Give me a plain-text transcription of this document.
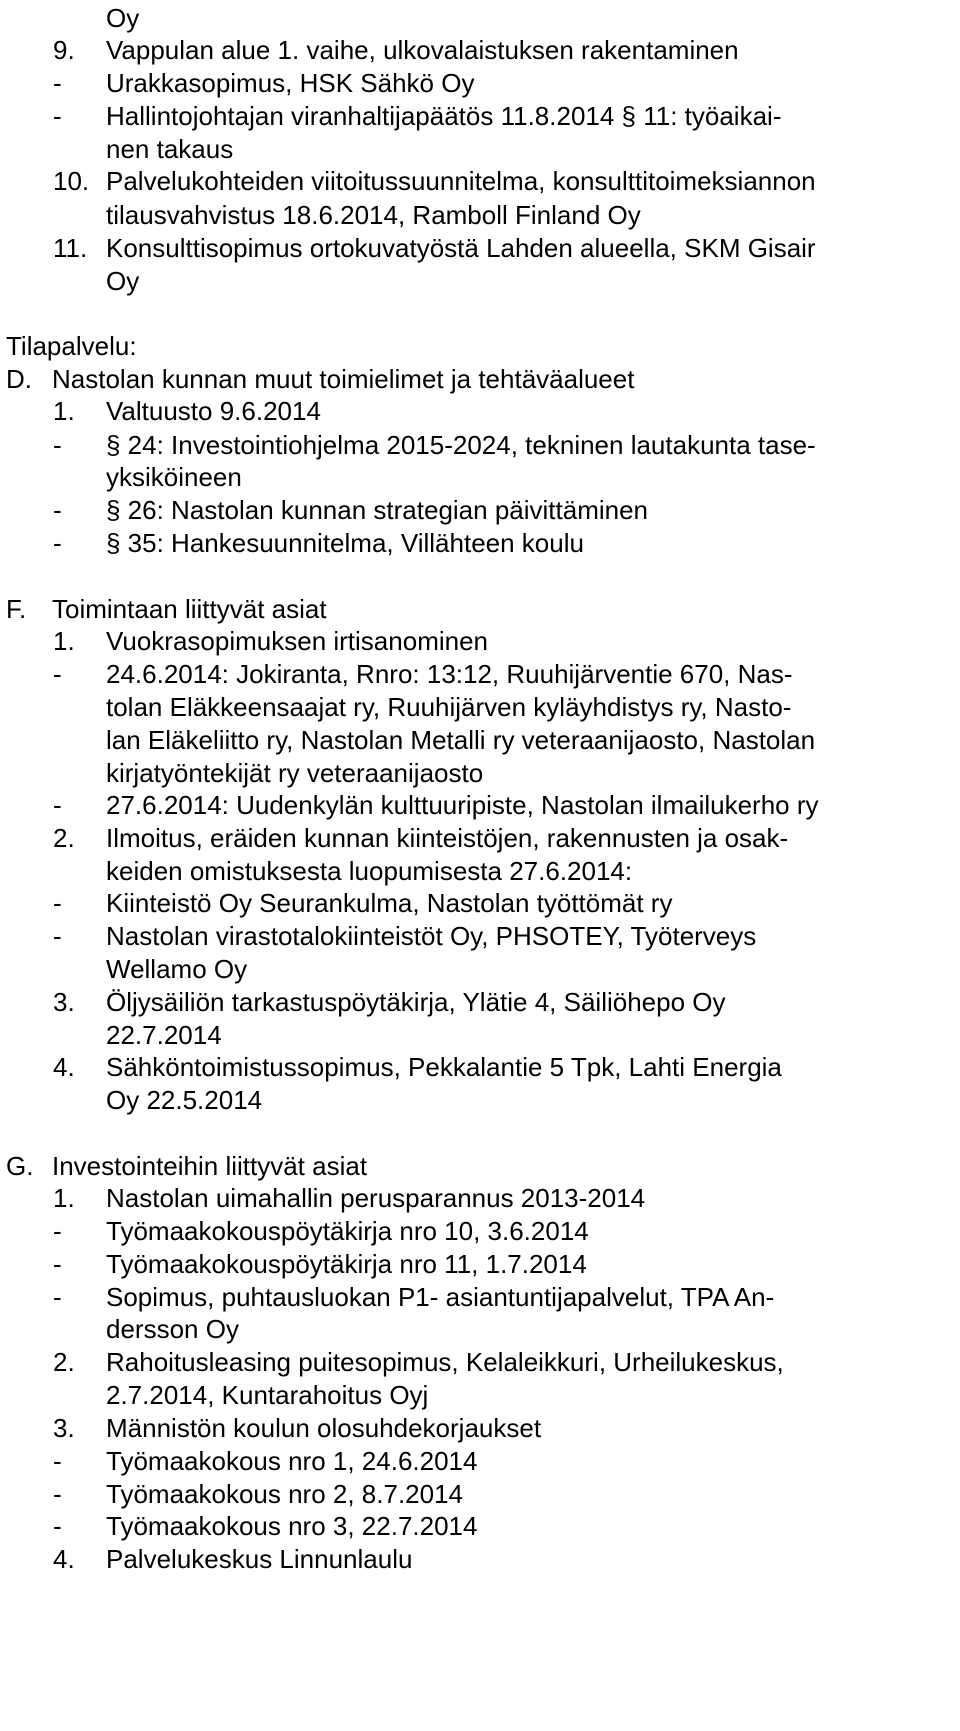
Oy
9. Vappulan alue 1. vaihe, ulkovalaistuksen rakentaminen
- Urakkasopimus, HSK Sähkö Oy
- Hallintojohtajan viranhaltijapäätös 11.8.2014 § 11: työaikai-
nen takaus
10. Palvelukohteiden viitoitussuunnitelma, konsulttitoimeksiannon
tilausvahvistus 18.6.2014, Ramboll Finland Oy
11. Konsulttisopimus ortokuvatyöstä Lahden alueella, SKM Gisair
Oy
Tilapalvelu:
D. Nastolan kunnan muut toimielimet ja tehtäväalueet
1. Valtuusto 9.6.2014
- § 24: Investointiohjelma 2015-2024, tekninen lautakunta tase-
yksiköineen
- § 26: Nastolan kunnan strategian päivittäminen
- § 35: Hankesuunnitelma, Villähteen koulu
F. Toimintaan liittyvät asiat
1. Vuokrasopimuksen irtisanominen
- 24.6.2014: Jokiranta, Rnro: 13:12, Ruuhijärventie 670, Nas-
tolan Eläkkeensaajat ry, Ruuhijärven kyläyhdistys ry, Nasto-
lan Eläkeliitto ry, Nastolan Metalli ry veteraanijaosto, Nastolan
kirjatyöntekijät ry veteraanijaosto
- 27.6.2014: Uudenkylän kulttuuripiste, Nastolan ilmailukerho ry
2. Ilmoitus, eräiden kunnan kiinteistöjen, rakennusten ja osak-
keiden omistuksesta luopumisesta 27.6.2014:
- Kiinteistö Oy Seurankulma, Nastolan työttömät ry
- Nastolan virastotalokiinteistöt Oy, PHSOTEY, Työterveys
Wellamo Oy
3. Öljysäiliön tarkastuspöytäkirja, Ylätie 4, Säiliöhepo Oy
22.7.2014
4. Sähköntoimistussopimus, Pekkalantie 5 Tpk, Lahti Energia
Oy 22.5.2014
G. Investointeihin liittyvät asiat
1. Nastolan uimahallin perusparannus 2013-2014
- Työmaakokouspöytäkirja nro 10, 3.6.2014
- Työmaakokouspöytäkirja nro 11, 1.7.2014
- Sopimus, puhtausluokan P1- asiantuntijapalvelut, TPA An-
dersson Oy
2. Rahoitusleasing puitesopimus, Kelaleikkuri, Urheilukeskus,
2.7.2014, Kuntarahoitus Oyj
3. Männistön koulun olosuhdekorjaukset
- Työmaakokous nro 1, 24.6.2014
- Työmaakokous nro 2, 8.7.2014
- Työmaakokous nro 3, 22.7.2014
4. Palvelukeskus Linnunlaulu
